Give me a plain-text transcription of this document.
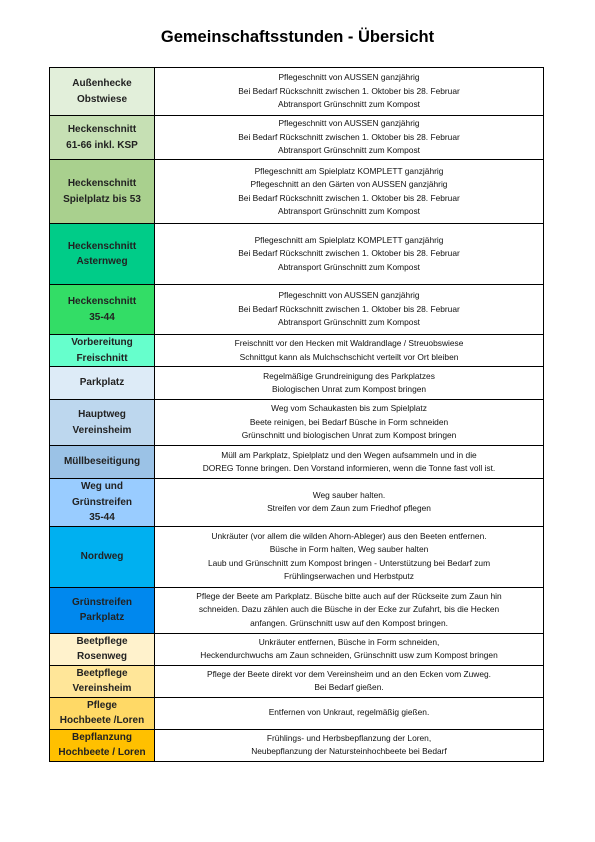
Gemeinschaftsstunden - Übersicht
Außenhecke
Obstwiese	Pflegeschnitt von AUSSEN ganzjährig
Bei Bedarf Rückschnitt zwischen 1. Oktober bis 28. Februar
Abtransport Grünschnitt zum Kompost

Heckenschnitt
61-66 inkl. KSP	Pflegeschnitt von AUSSEN ganzjährig
Bei Bedarf Rückschnitt zwischen 1. Oktober bis 28. Februar
Abtransport Grünschnitt zum Kompost

Heckenschnitt
Spielplatz bis 53	Pflegeschnitt am Spielplatz KOMPLETT ganzjährig
Pflegeschnitt an den Gärten von AUSSEN ganzjährig
Bei Bedarf Rückschnitt zwischen 1. Oktober bis 28. Februar
Abtransport Grünschnitt zum Kompost

Heckenschnitt
Asternweg	Pflegeschnitt am Spielplatz KOMPLETT ganzjährig
Bei Bedarf Rückschnitt zwischen 1. Oktober bis 28. Februar
Abtransport Grünschnitt zum Kompost

Heckenschnitt
35-44	Pflegeschnitt von AUSSEN ganzjährig
Bei Bedarf Rückschnitt zwischen 1. Oktober bis 28. Februar
Abtransport Grünschnitt zum Kompost

Vorbereitung
Freischnitt	Freischnitt vor den Hecken mit Waldrandlage / Streuobswiese
Schnittgut kann als Mulchschschicht verteilt vor Ort bleiben

Parkplatz	Regelmäßige Grundreinigung des Parkplatzes
Biologischen Unrat zum Kompost bringen

Hauptweg
Vereinsheim	Weg vom Schaukasten bis zum Spielplatz
Beete reinigen, bei Bedarf Büsche in Form schneiden
Grünschnitt und biologischen Unrat zum Kompost bringen

Müllbeseitigung	Müll am Parkplatz, Spielplatz und den Wegen aufsammeln und in die
DOREG Tonne bringen. Den Vorstand informieren, wenn die Tonne fast voll ist.

Weg und
Grünstreifen
35-44	Weg sauber halten.
Streifen vor dem Zaun zum Friedhof pflegen

Nordweg	Unkräuter (vor allem die wilden Ahorn-Ableger) aus den Beeten entfernen.
Büsche in Form halten, Weg sauber halten
Laub und Grünschnitt zum Kompost bringen - Unterstützung bei Bedarf zum
Frühlingserwachen und Herbstputz

Grünstreifen
Parkplatz	Pflege der Beete am Parkplatz. Büsche bitte auch auf der Rückseite zum Zaun hin
schneiden. Dazu zählen auch die Büsche in der Ecke zur Zufahrt, bis die Hecken
anfangen. Grünschnitt usw auf den Kompost bringen.

Beetpflege
Rosenweg	Unkräuter entfernen, Büsche in Form schneiden,
Heckendurchwuchs am Zaun schneiden, Grünschnitt usw zum Kompost bringen

Beetpflege
Vereinsheim	Pflege der Beete direkt vor dem Vereinsheim und an den Ecken vom Zuweg.
Bei Bedarf gießen.

Pflege
Hochbeete /Loren	Entfernen von Unkraut, regelmäßig gießen.

Bepflanzung
Hochbeete / Loren	Frühlings- und Herbsbepflanzung der Loren,
Neubepflanzung der Natursteinhochbeete bei Bedarf
